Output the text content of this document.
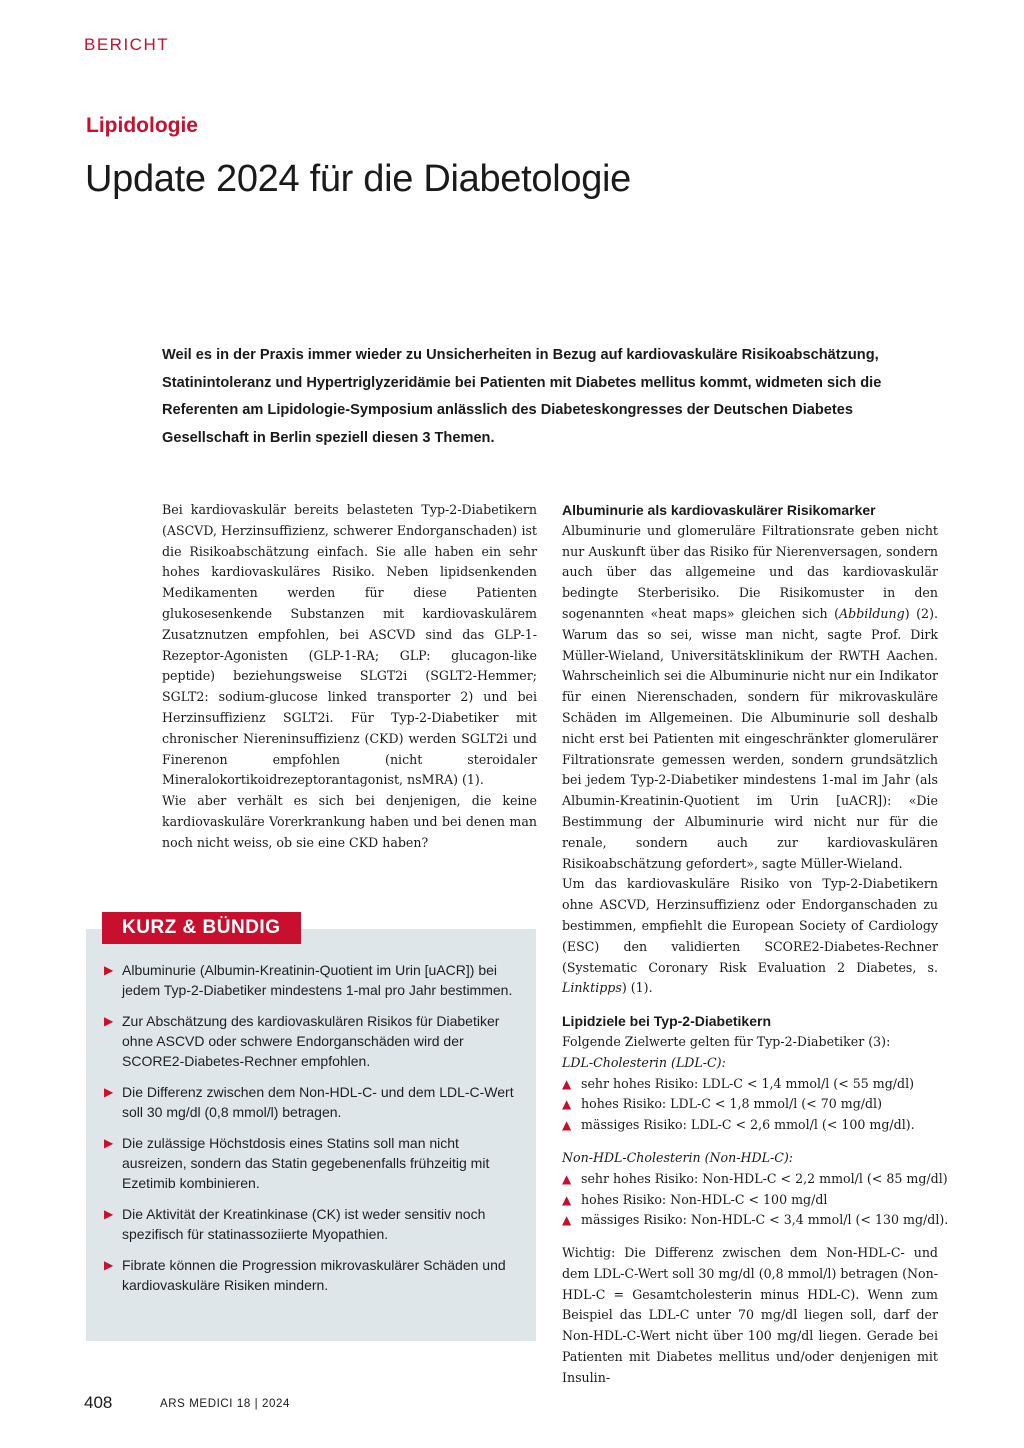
BERICHT
Lipidologie
Update 2024 für die Diabetologie
Weil es in der Praxis immer wieder zu Unsicherheiten in Bezug auf kardiovaskuläre Risikoabschätzung, Statinintoleranz und Hypertriglyzeridämie bei Patienten mit Diabetes mellitus kommt, widmeten sich die Referenten am Lipidologie-Symposium anlässlich des Diabeteskongresses der Deutschen Diabetes Gesellschaft in Berlin speziell diesen 3 Themen.

Bei kardiovaskulär bereits belasteten Typ-2-Diabetikern (ASCVD, Herzinsuffizienz, schwerer Endorganschaden) ist die Risikoabschätzung einfach. Sie alle haben ein sehr hohes kardiovaskuläres Risiko. Neben lipidsenkenden Medikamenten werden für diese Patienten glukosesenkende Substanzen mit kardiovaskulärem Zusatznutzen empfohlen, bei ASCVD sind das GLP-1-Rezeptor-Agonisten (GLP-1-RA; GLP: glucagon-like peptide) beziehungsweise SLGT2i (SGLT2-Hemmer; SGLT2: sodium-glucose linked transporter 2) und bei Herzinsuffizienz SGLT2i. Für Typ-2-Diabetiker mit chronischer Niereninsuffizienz (CKD) werden SGLT2i und Finerenon empfohlen (nicht steroidaler Mineralokortikoidrezeptorantagonist, nsMRA) (1).

Wie aber verhält es sich bei denjenigen, die keine kardiovaskuläre Vorerkrankung haben und bei denen man noch nicht weiss, ob sie eine CKD haben?

KURZ & BÜNDIG
▶ Albuminurie (Albumin-Kreatinin-Quotient im Urin [uACR]) bei jedem Typ-2-Diabetiker mindestens 1-mal pro Jahr bestimmen.
▶ Zur Abschätzung des kardiovaskulären Risikos für Diabetiker ohne ASCVD oder schwere Endorganschäden wird der SCORE2-Diabetes-Rechner empfohlen.
▶ Die Differenz zwischen dem Non-HDL-C- und dem LDL-C-Wert soll 30 mg/dl (0,8 mmol/l) betragen.
▶ Die zulässige Höchstdosis eines Statins soll man nicht ausreizen, sondern das Statin gegebenenfalls frühzeitig mit Ezetimib kombinieren.
▶ Die Aktivität der Kreatinkinase (CK) ist weder sensitiv noch spezifisch für statinassoziierte Myopathien.
▶ Fibrate können die Progression mikrovaskulärer Schäden und kardiovaskuläre Risiken mindern.
Albuminurie als kardiovaskulärer Risikomarker

Albuminurie und glomeruläre Filtrationsrate geben nicht nur Auskunft über das Risiko für Nierenversagen, sondern auch über das allgemeine und das kardiovaskulär bedingte Sterberisiko. Die Risikomuster in den sogenannten «heat maps» gleichen sich (Abbildung) (2). Warum das so sei, wisse man nicht, sagte Prof. Dirk Müller-Wieland, Universitätsklinikum der RWTH Aachen. Wahrscheinlich sei die Albuminurie nicht nur ein Indikator für einen Nierenschaden, sondern für mikrovaskuläre Schäden im Allgemeinen. Die Albuminurie soll deshalb nicht erst bei Patienten mit eingeschränkter glomerulärer Filtrationsrate gemessen werden, sondern grundsätzlich bei jedem Typ-2-Diabetiker mindestens 1-mal im Jahr (als Albumin-Kreatinin-Quotient im Urin [uACR]): «Die Bestimmung der Albuminurie wird nicht nur für die renale, sondern auch zur kardiovaskulären Risikoabschätzung gefordert», sagte Müller-Wieland.

Um das kardiovaskuläre Risiko von Typ-2-Diabetikern ohne ASCVD, Herzinsuffizienz oder Endorganschaden zu bestimmen, empfiehlt die European Society of Cardiology (ESC) den validierten SCORE2-Diabetes-Rechner (Systematic Coronary Risk Evaluation 2 Diabetes, s. Linktipps) (1).

Lipidziele bei Typ-2-Diabetikern

Folgende Zielwerte gelten für Typ-2-Diabetiker (3):

LDL-Cholesterin (LDL-C):

▲ sehr hohes Risiko: LDL-C < 1,4 mmol/l (< 55 mg/dl)
▲ hohes Risiko: LDL-C < 1,8 mmol/l (< 70 mg/dl)
▲ mässiges Risiko: LDL-C < 2,6 mmol/l (< 100 mg/dl).

Non-HDL-Cholesterin (Non-HDL-C):

▲ sehr hohes Risiko: Non-HDL-C < 2,2 mmol/l (< 85 mg/dl)
▲ hohes Risiko: Non-HDL-C < 100 mg/dl
▲ mässiges Risiko: Non-HDL-C < 3,4 mmol/l (< 130 mg/dl).

Wichtig: Die Differenz zwischen dem Non-HDL-C- und dem LDL-C-Wert soll 30 mg/dl (0,8 mmol/l) betragen (Non-HDL-C = Gesamtcholesterin minus HDL-C). Wenn zum Beispiel das LDL-C unter 70 mg/dl liegen soll, darf der Non-HDL-C-Wert nicht über 100 mg/dl liegen. Gerade bei Patienten mit Diabetes mellitus und/oder denjenigen mit Insulin-

408	ARS MEDICI 18 | 2024
